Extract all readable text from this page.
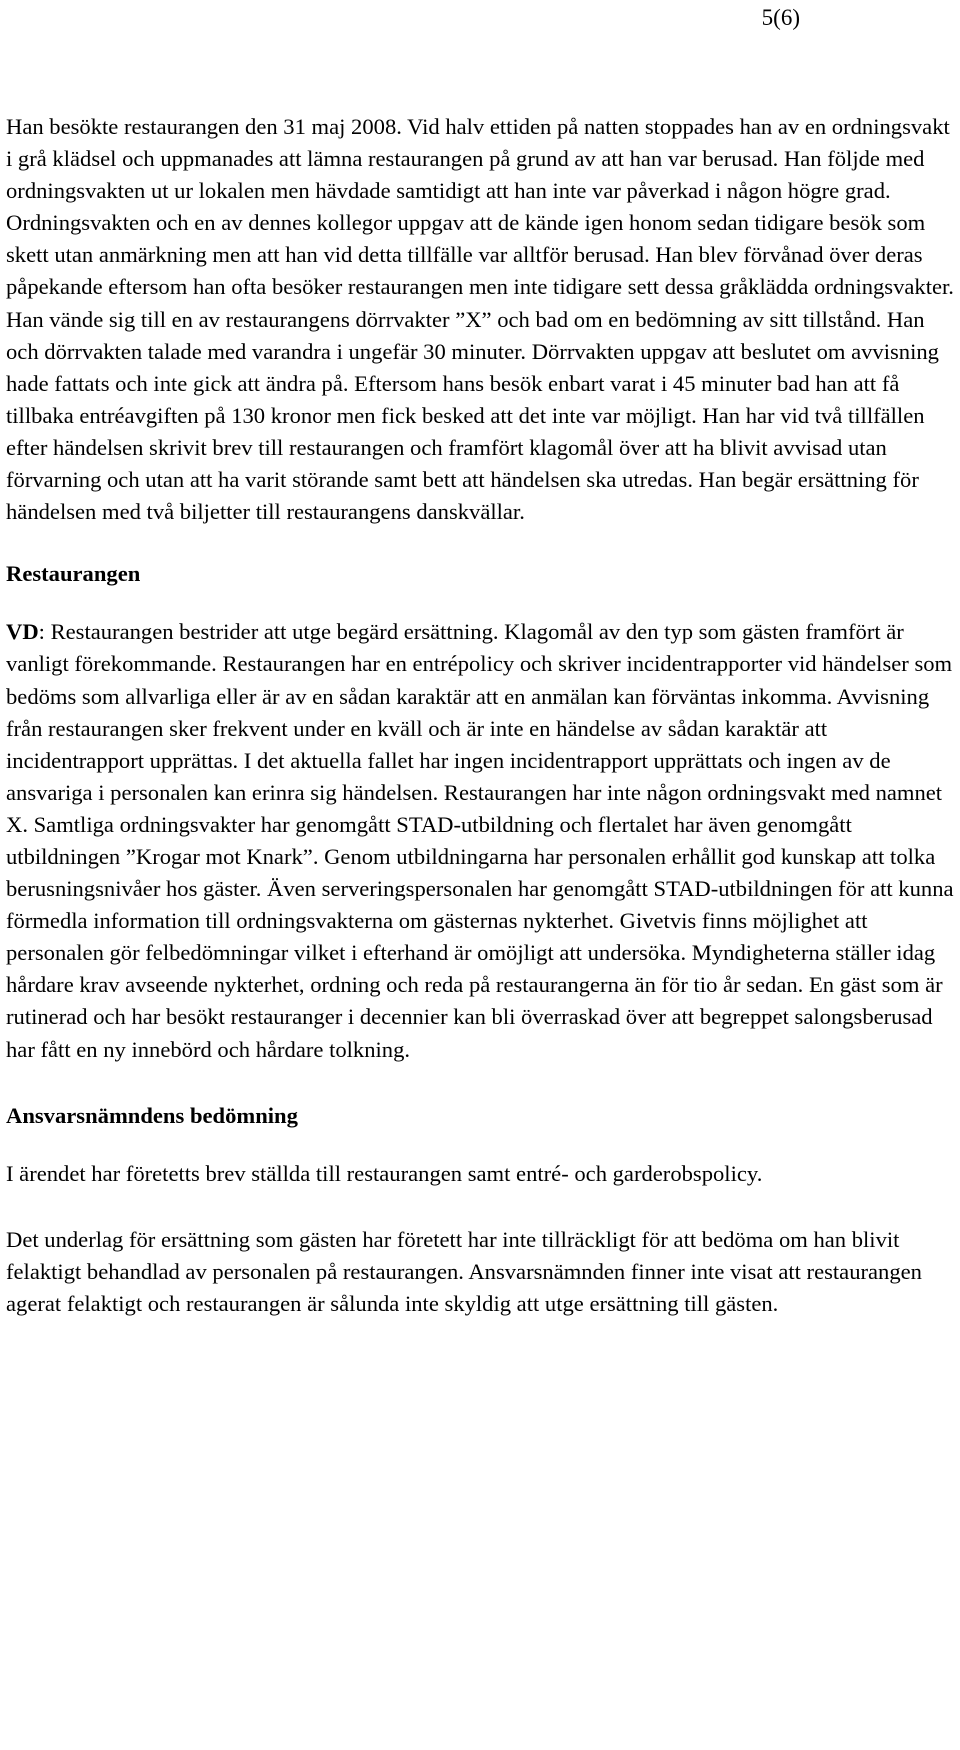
5(6)

Han besökte restaurangen den 31 maj 2008. Vid halv ettiden på natten stoppades han av en ordningsvakt i grå klädsel och uppmanades att lämna restaurangen på grund av att han var berusad. Han följde med ordningsvakten ut ur lokalen men hävdade samtidigt att han inte var påverkad i någon högre grad. Ordningsvakten och en av dennes kollegor uppgav att de kände igen honom sedan tidigare besök som skett utan anmärkning men att han vid detta tillfälle var alltför berusad. Han blev förvånad över deras påpekande eftersom han ofta besöker restaurangen men inte tidigare sett dessa gråklädda ordningsvakter. Han vände sig till en av restaurangens dörrvakter ”X” och bad om en bedömning av sitt tillstånd. Han och dörrvakten talade med varandra i ungefär 30 minuter. Dörrvakten uppgav att beslutet om avvisning hade fattats och inte gick att ändra på. Eftersom hans besök enbart varat i 45 minuter bad han att få tillbaka entréavgiften på 130 kronor men fick besked att det inte var möjligt. Han har vid två tillfällen efter händelsen skrivit brev till restaurangen och framfört klagomål över att ha blivit avvisad utan förvarning och utan att ha varit störande samt bett att händelsen ska utredas. Han begär ersättning för händelsen med två biljetter till restaurangens danskvällar.

Restaurangen

VD: Restaurangen bestrider att utge begärd ersättning. Klagomål av den typ som gästen framfört är vanligt förekommande. Restaurangen har en entrépolicy och skriver incidentrapporter vid händelser som bedöms som allvarliga eller är av en sådan karaktär att en anmälan kan förväntas inkomma. Avvisning från restaurangen sker frekvent under en kväll och är inte en händelse av sådan karaktär att incidentrapport upprättas. I det aktuella fallet har ingen incidentrapport upprättats och ingen av de ansvariga i personalen kan erinra sig händelsen. Restaurangen har inte någon ordningsvakt med namnet X. Samtliga ordningsvakter har genomgått STAD-utbildning och flertalet har även genomgått utbildningen ”Krogar mot Knark”. Genom utbildningarna har personalen erhållit god kunskap att tolka berusningsnivåer hos gäster. Även serveringspersonalen har genomgått STAD-utbildningen för att kunna förmedla information till ordningsvakterna om gästernas nykterhet. Givetvis finns möjlighet att personalen gör felbedömningar vilket i efterhand är omöjligt att undersöka. Myndigheterna ställer idag hårdare krav avseende nykterhet, ordning och reda på restaurangerna än för tio år sedan. En gäst som är rutinerad och har besökt restauranger i decennier kan bli överraskad över att begreppet salongsberusad har fått en ny innebörd och hårdare tolkning.

Ansvarsnämndens bedömning

I ärendet har företetts brev ställda till restaurangen samt entré- och garderobspolicy.

Det underlag för ersättning som gästen har företett har inte tillräckligt för att bedöma om han blivit felaktigt behandlad av personalen på restaurangen. Ansvarsnämnden finner inte visat att restaurangen agerat felaktigt och restaurangen är sålunda inte skyldig att utge ersättning till gästen.
